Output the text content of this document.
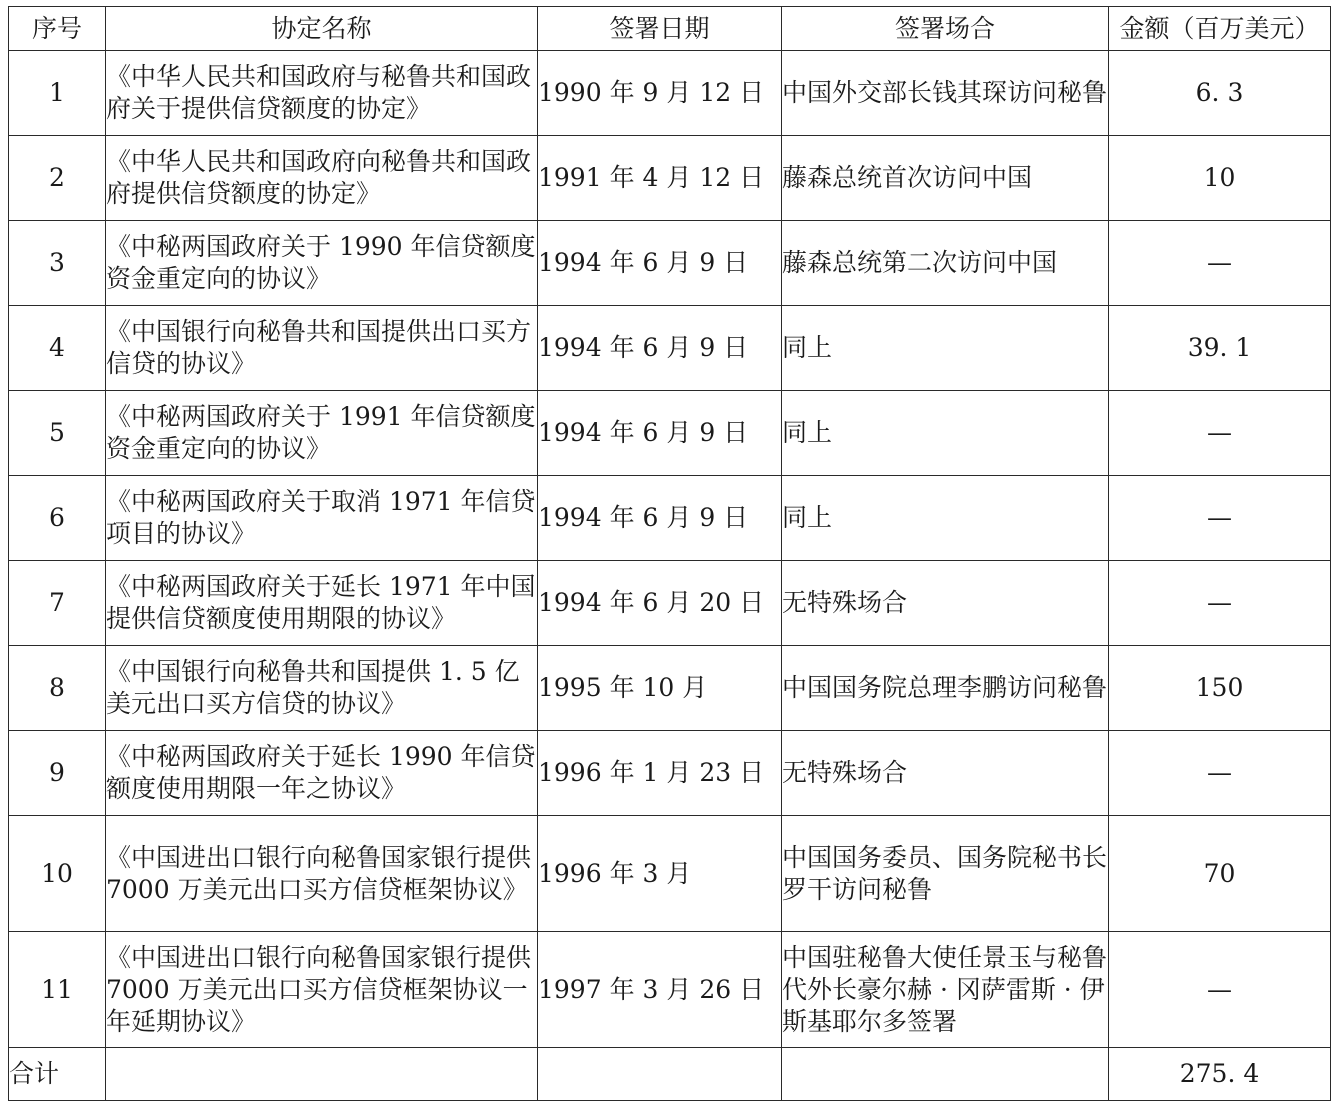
序号	协定名称	签署日期	签署场合	金额（百万美元）
1	《中华人民共和国政府与秘鲁共和国政府关于提供信贷额度的协定》	1990 年 9 月 12 日	中国外交部长钱其琛访问秘鲁	6. 3
2	《中华人民共和国政府向秘鲁共和国政府提供信贷额度的协定》	1991 年 4 月 12 日	藤森总统首次访问中国	10
3	《中秘两国政府关于 1990 年信贷额度资金重定向的协议》	1994 年 6 月 9 日	藤森总统第二次访问中国	—
4	《中国银行向秘鲁共和国提供出口买方信贷的协议》	1994 年 6 月 9 日	同上	39. 1
5	《中秘两国政府关于 1991 年信贷额度资金重定向的协议》	1994 年 6 月 9 日	同上	—
6	《中秘两国政府关于取消 1971 年信贷项目的协议》	1994 年 6 月 9 日	同上	—
7	《中秘两国政府关于延长 1971 年中国提供信贷额度使用期限的协议》	1994 年 6 月 20 日	无特殊场合	—
8	《中国银行向秘鲁共和国提供 1. 5 亿美元出口买方信贷的协议》	1995 年 10 月	中国国务院总理李鹏访问秘鲁	150
9	《中秘两国政府关于延长 1990 年信贷额度使用期限一年之协议》	1996 年 1 月 23 日	无特殊场合	—
10	《中国进出口银行向秘鲁国家银行提供 7000 万美元出口买方信贷框架协议》	1996 年 3 月	中国国务委员、国务院秘书长罗干访问秘鲁	70
11	《中国进出口银行向秘鲁国家银行提供 7000 万美元出口买方信贷框架协议一年延期协议》	1997 年 3 月 26 日	中国驻秘鲁大使任景玉与秘鲁代外长豪尔赫 · 冈萨雷斯 · 伊斯基耶尔多签署	—
合计				275. 4
